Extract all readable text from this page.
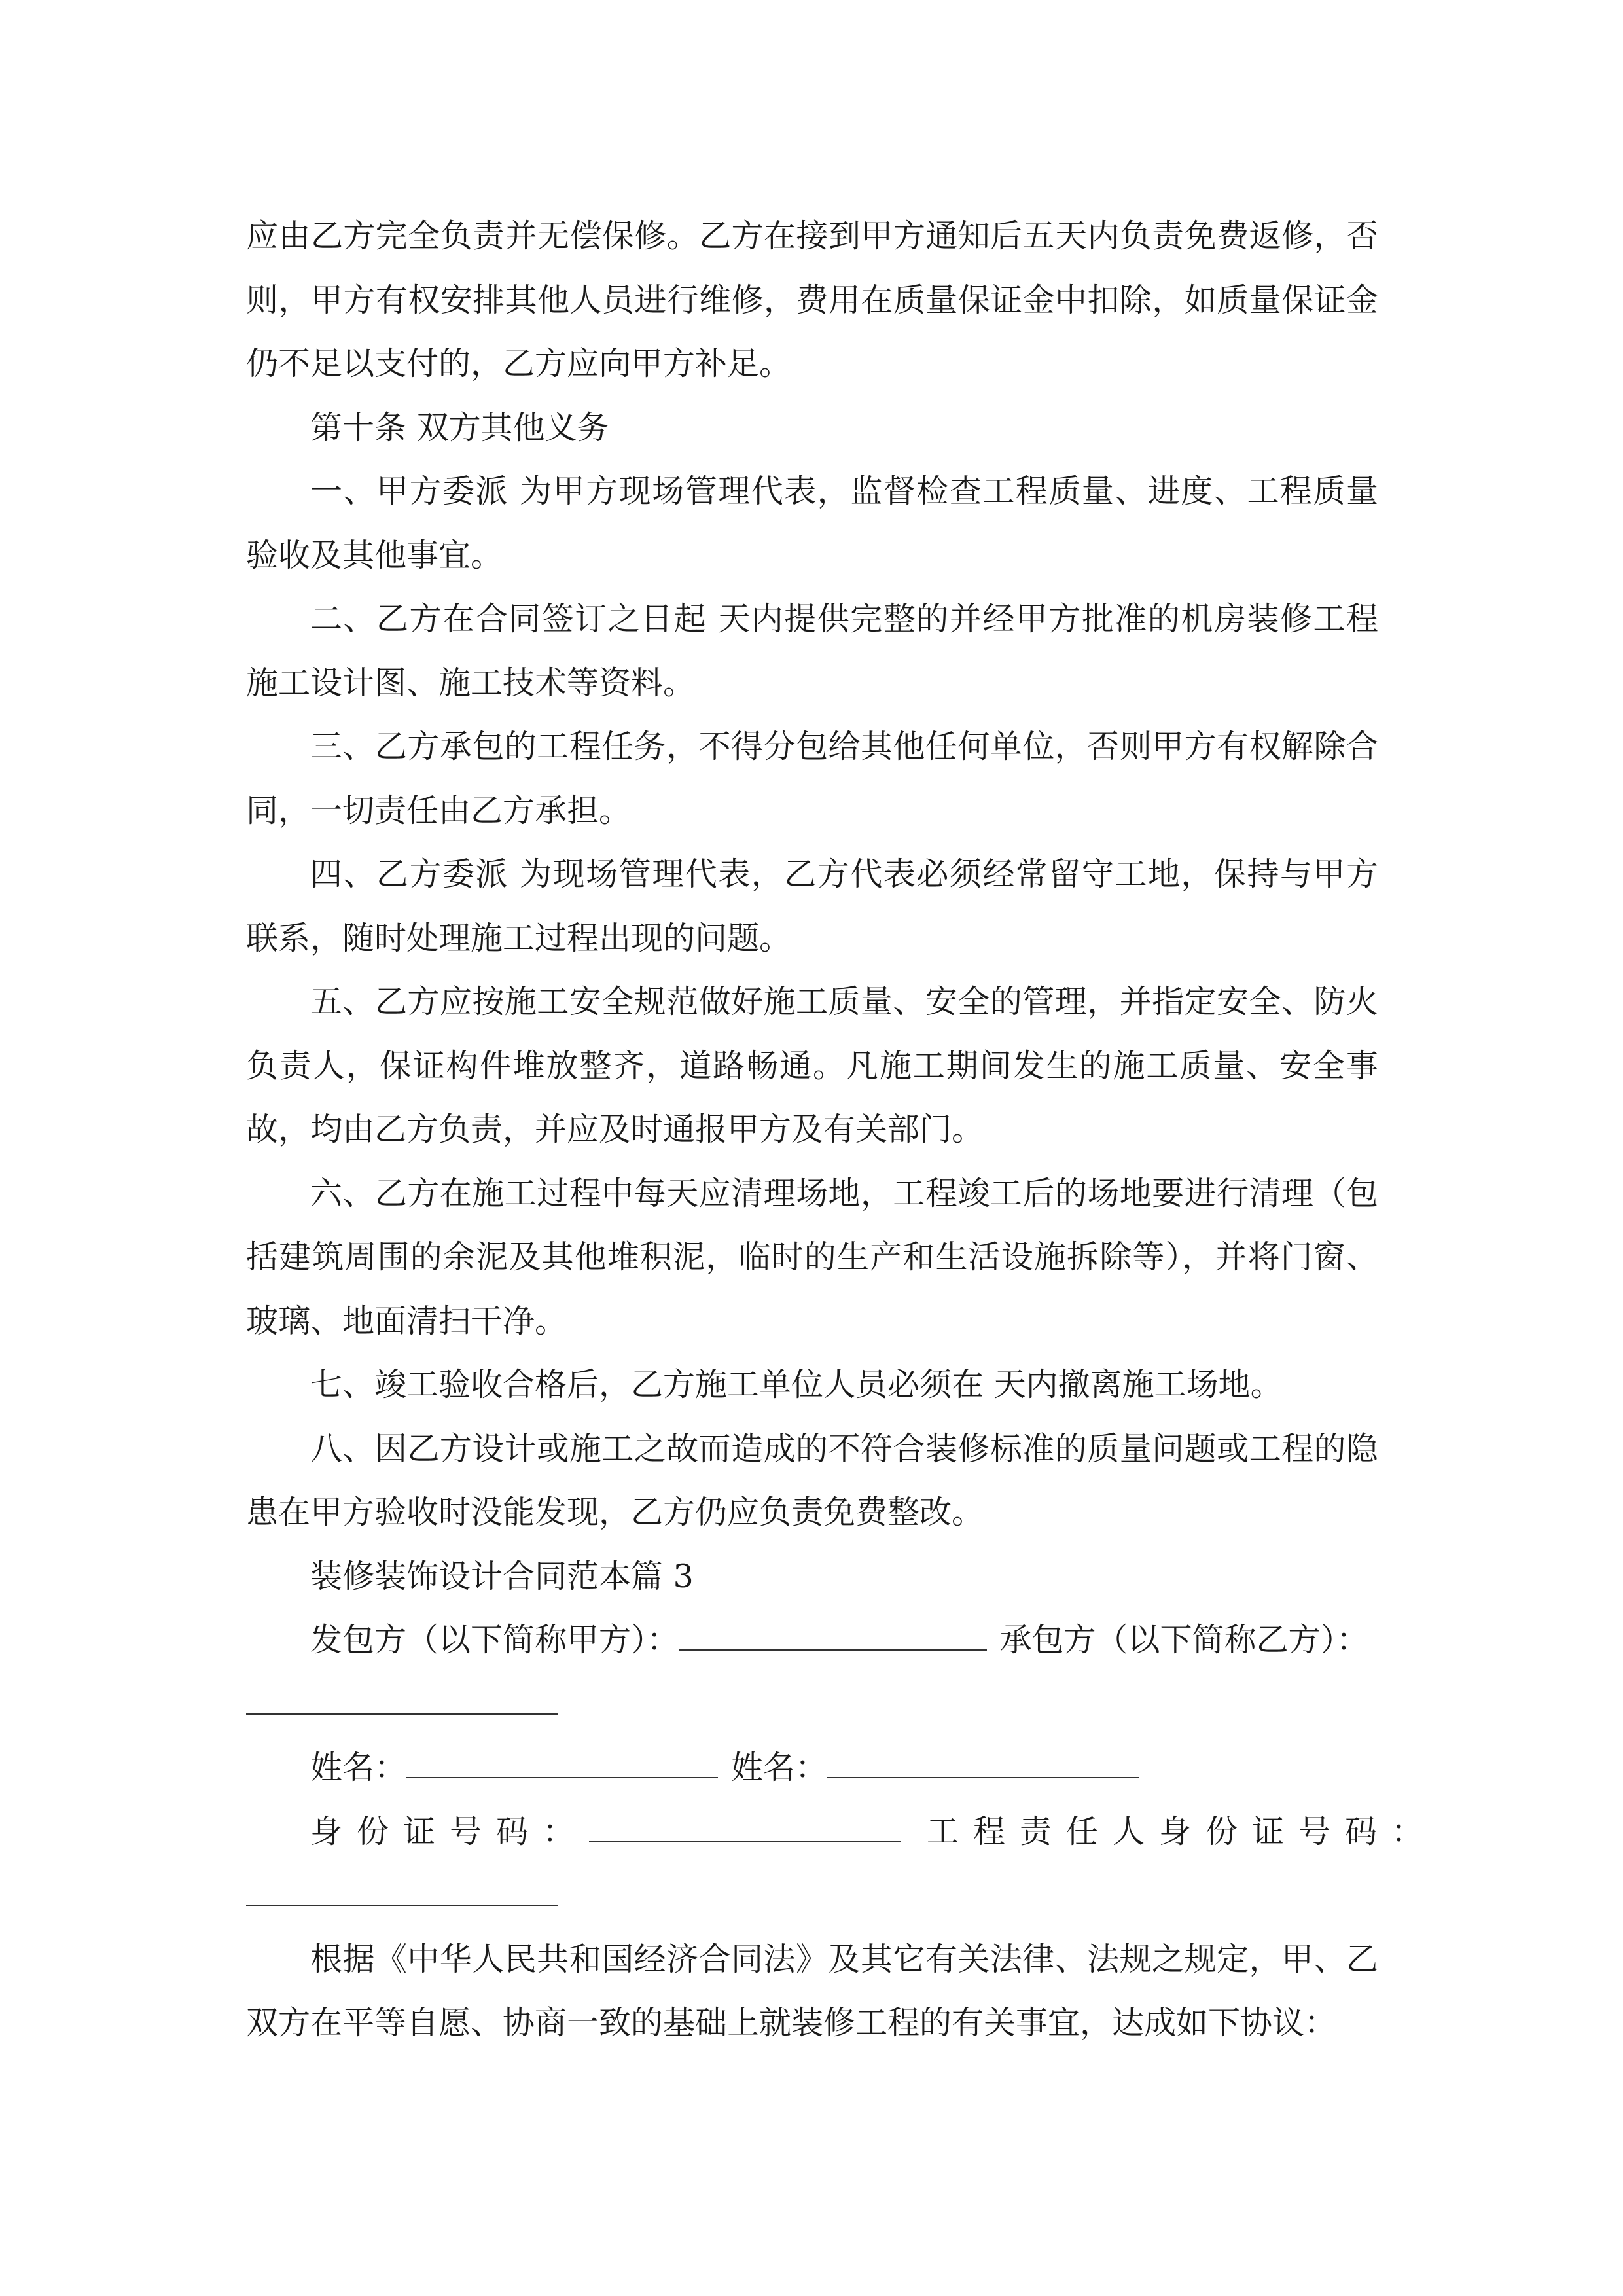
应由乙方完全负责并无偿保修。乙方在接到甲方通知后五天内负责免费返修，否则，甲方有权安排其他人员进行维修，费用在质量保证金中扣除，如质量保证金仍不足以支付的，乙方应向甲方补足。

第十条 双方其他义务

一、甲方委派 为甲方现场管理代表，监督检查工程质量、进度、工程质量验收及其他事宜。

二、乙方在合同签订之日起 天内提供完整的并经甲方批准的机房装修工程施工设计图、施工技术等资料。

三、乙方承包的工程任务，不得分包给其他任何单位，否则甲方有权解除合同，一切责任由乙方承担。

四、乙方委派 为现场管理代表，乙方代表必须经常留守工地，保持与甲方联系，随时处理施工过程出现的问题。

五、乙方应按施工安全规范做好施工质量、安全的管理，并指定安全、防火负责人，保证构件堆放整齐，道路畅通。凡施工期间发生的施工质量、安全事故，均由乙方负责，并应及时通报甲方及有关部门。

六、乙方在施工过程中每天应清理场地，工程竣工后的场地要进行清理（包括建筑周围的余泥及其他堆积泥，临时的生产和生活设施拆除等），并将门窗、玻璃、地面清扫干净。

七、竣工验收合格后，乙方施工单位人员必须在 天内撤离施工场地。

八、因乙方设计或施工之故而造成的不符合装修标准的质量问题或工程的隐患在甲方验收时没能发现，乙方仍应负责免费整改。

装修装饰设计合同范本篇 3

发包方（以下简称甲方）：	承包方（以下简称乙方）：
姓名：	姓名：
身份证号码：	工程责任人身份证号码：

根据《中华人民共和国经济合同法》及其它有关法律、法规之规定，甲、乙双方在平等自愿、协商一致的基础上就装修工程的有关事宜，达成如下协议：
